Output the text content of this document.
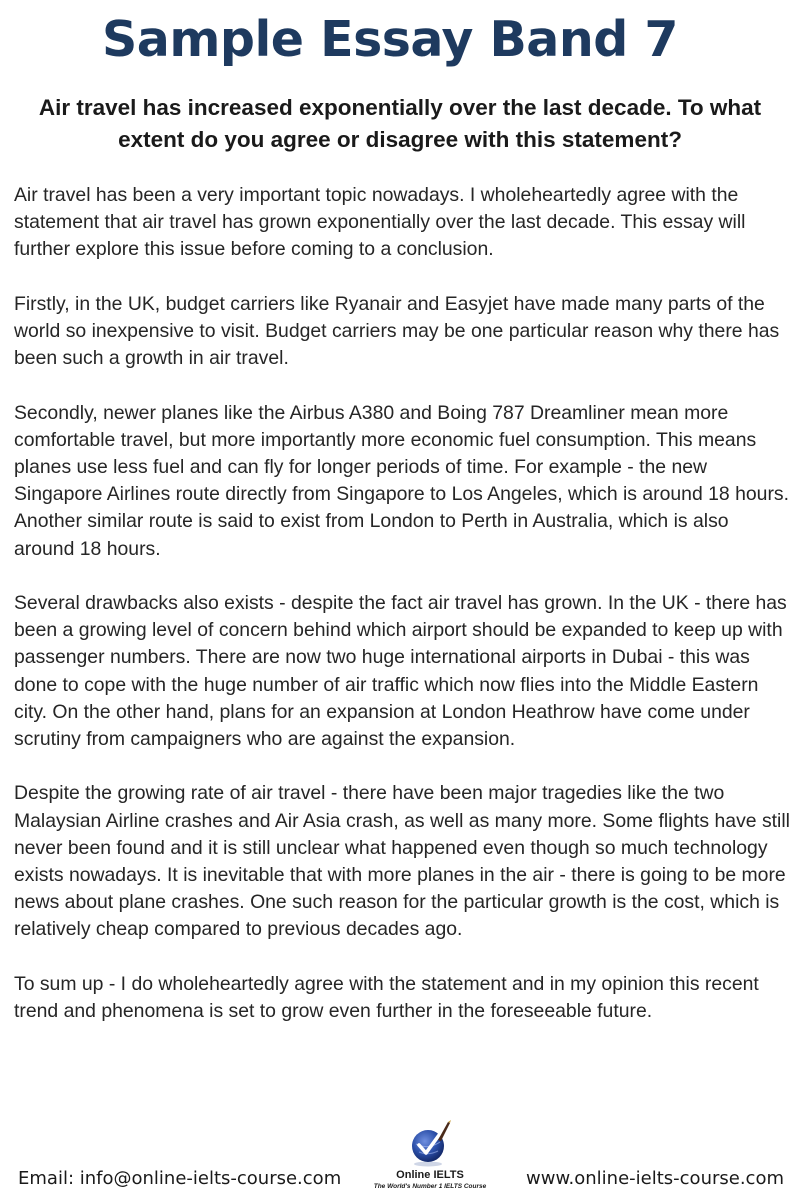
Sample Essay Band 7
Air travel has increased exponentially over the last decade. To what extent do you agree or disagree with this statement?

Air travel has been a very important topic nowadays. I wholeheartedly agree with the statement that air travel has grown exponentially over the last decade. This essay will further explore this issue before coming to a conclusion.

Firstly, in the UK, budget carriers like Ryanair and Easyjet have made many parts of the world so inexpensive to visit. Budget carriers may be one particular reason why there has been such a growth in air travel.

Secondly, newer planes like the Airbus A380 and Boing 787 Dreamliner mean more comfortable travel, but more importantly more economic fuel consumption. This means planes use less fuel and can fly for longer periods of time. For example - the new Singapore Airlines route directly from Singapore to Los Angeles, which is around 18 hours. Another similar route is said to exist from London to Perth in Australia, which is also around 18 hours.

Several drawbacks also exists - despite the fact air travel has grown. In the UK - there has been a growing level of concern behind which airport should be expanded to keep up with passenger numbers. There are now two huge international airports in Dubai - this was done to cope with the huge number of air traffic which now flies into the Middle Eastern city. On the other hand, plans for an expansion at London Heathrow have come under scrutiny from campaigners who are against the expansion.

Despite the growing rate of air travel - there have been major tragedies like the two Malaysian Airline crashes and Air Asia crash, as well as many more. Some flights have still never been found and it is still unclear what happened even though so much technology exists nowadays. It is inevitable that with more planes in the air - there is going to be more news about plane crashes. One such reason for the particular growth is the cost, which is relatively cheap compared to previous decades ago.

To sum up - I do wholeheartedly agree with the statement and in my opinion this recent trend and phenomena is set to grow even further in the foreseeable future.

Email: info@online-ielts-course.com	Online IELTS
The World's Number 1 IELTS Course www.online-ielts-course.com
